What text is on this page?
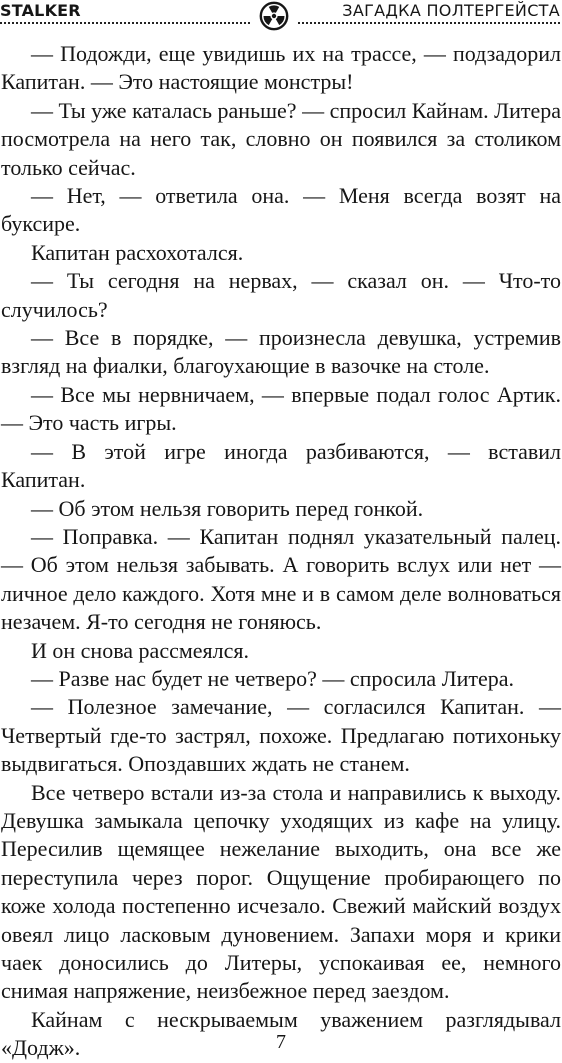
STALKER	ЗАГАДКА ПОЛТЕРГЕЙСТА

— Подожди, еще увидишь их на трассе, — подзадорил Капитан. — Это настоящие монстры!

— Ты уже каталась раньше? — спросил Кайнам. Литера посмотрела на него так, словно он появился за столиком только сейчас.

— Нет, — ответила она. — Меня всегда возят на буксире.

Капитан расхохотался.

— Ты сегодня на нервах, — сказал он. — Что-то случилось?

— Все в порядке, — произнесла девушка, устремив взгляд на фиалки, благоухающие в вазочке на столе.

— Все мы нервничаем, — впервые подал голос Артик. — Это часть игры.

— В этой игре иногда разбиваются, — вставил Капитан.

— Об этом нельзя говорить перед гонкой.

— Поправка. — Капитан поднял указательный палец. — Об этом нельзя забывать. А говорить вслух или нет — личное дело каждого. Хотя мне и в самом деле волноваться незачем. Я-то сегодня не гоняюсь.

И он снова рассмеялся.

— Разве нас будет не четверо? — спросила Литера.

— Полезное замечание, — согласился Капитан. — Четвертый где-то застрял, похоже. Предлагаю потихоньку выдвигаться. Опоздавших ждать не станем.

Все четверо встали из-за стола и направились к выходу. Девушка замыкала цепочку уходящих из кафе на улицу. Пересилив щемящее нежелание выходить, она все же переступила через порог. Ощущение пробирающего по коже холода постепенно исчезало. Свежий майский воздух овеял лицо ласковым дуновением. Запахи моря и крики чаек доносились до Литеры, успокаивая ее, немного снимая напряжение, неизбежное перед заездом.

Кайнам с нескрываемым уважением разглядывал «Додж».	7
